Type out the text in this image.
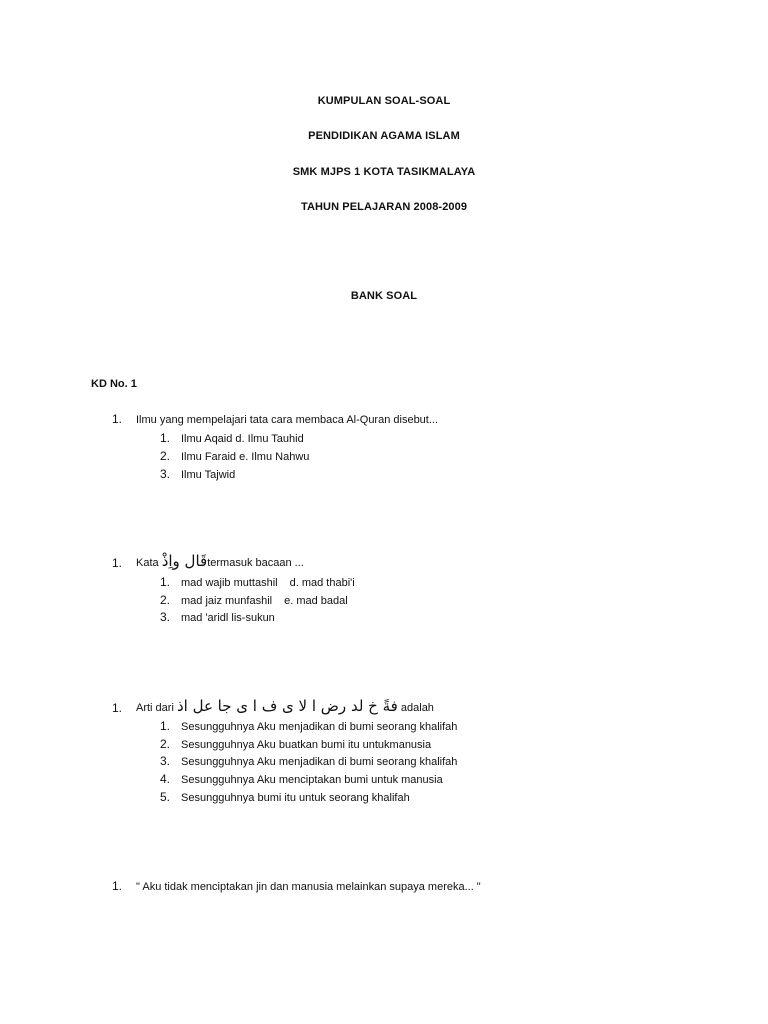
KUMPULAN SOAL-SOAL
PENDIDIKAN AGAMA ISLAM
SMK MJPS 1 KOTA TASIKMALAYA
TAHUN PELAJARAN 2008-2009
BANK SOAL
KD No. 1
1. Ilmu yang mempelajari tata cara membaca Al-Quran disebut...
1. Ilmu Aqaid d. Ilmu Tauhid
2. Ilmu Faraid e. Ilmu Nahwu
3. Ilmu Tajwid
1. Kata قَال واِذْtermasuk bacaan ...
1. mad wajib muttashil d. mad thabi'i
2. mad jaiz munfashil e. mad badal
3. mad 'aridl lis-sukun
1. Arti dari فةً خ لد رض ا لا ى ف ا ى جا عل اذ adalah
1. Sesungguhnya Aku menjadikan di bumi seorang khalifah
2. Sesungguhnya Aku buatkan bumi itu untukmanusia
3. Sesungguhnya Aku menjadikan di bumi seorang khalifah
4. Sesungguhnya Aku menciptakan bumi untuk manusia
5. Sesungguhnya bumi itu untuk seorang khalifah
1. " Aku tidak menciptakan jin dan manusia melainkan supaya mereka... "
